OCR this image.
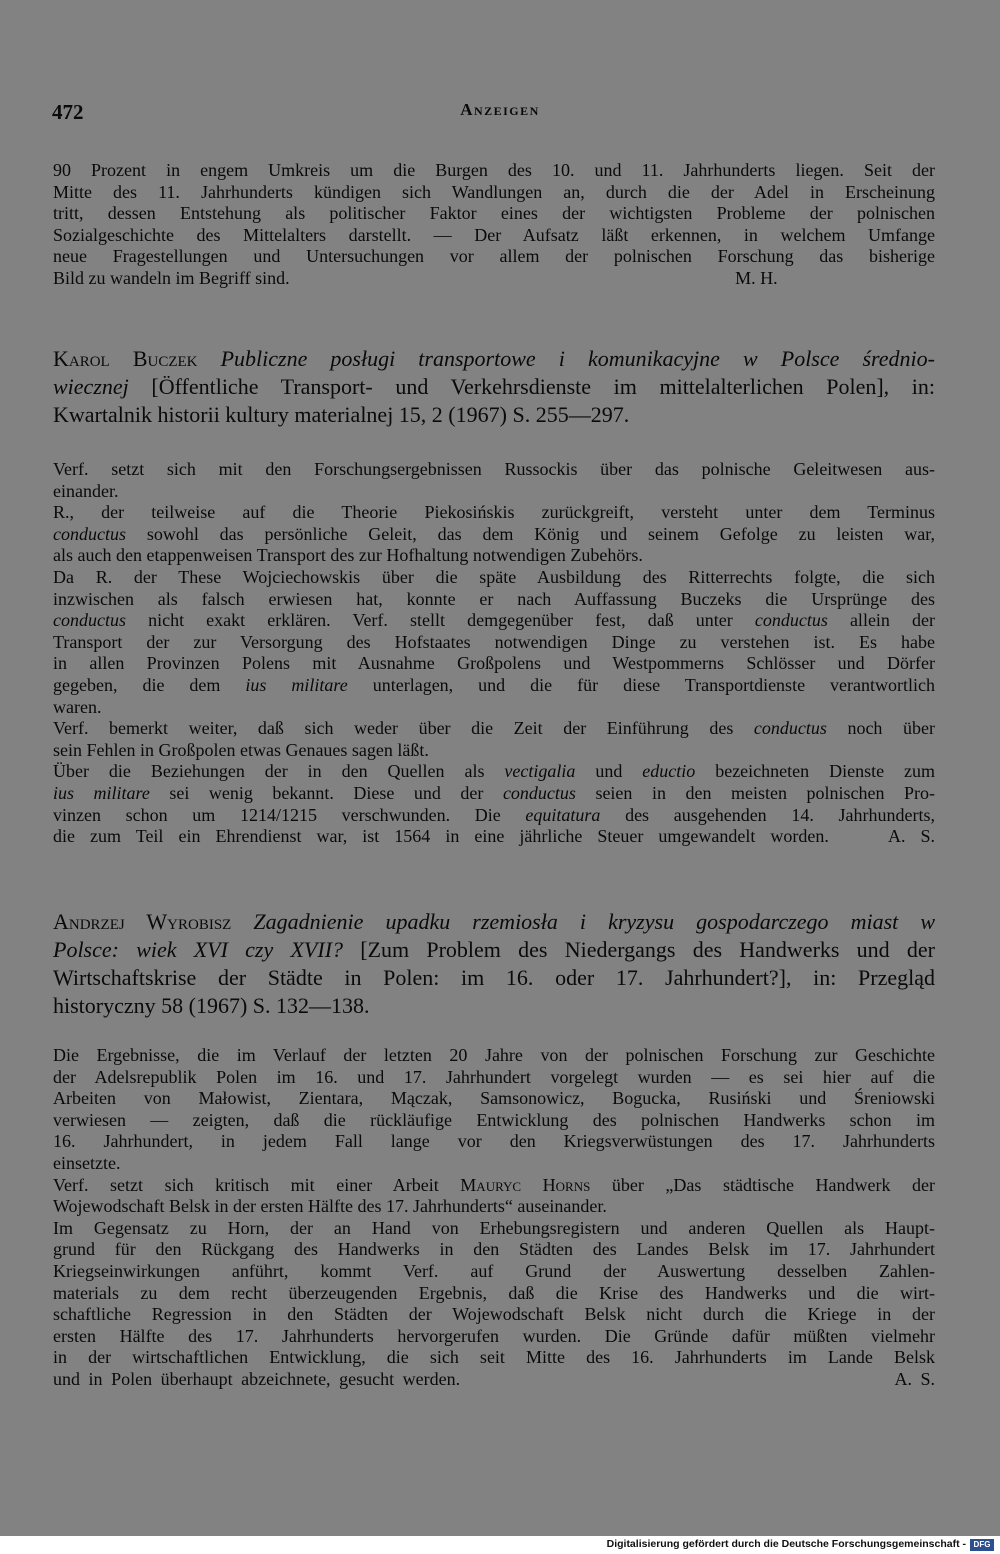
472	Anzeigen
90 Prozent in engem Umkreis um die Burgen des 10. und 11. Jahrhunderts liegen. Seit der
Mitte des 11. Jahrhunderts kündigen sich Wandlungen an, durch die der Adel in Erscheinung
tritt, dessen Entstehung als politischer Faktor eines der wichtigsten Probleme der polnischen
Sozialgeschichte des Mittelalters darstellt. — Der Aufsatz läßt erkennen, in welchem Umfange
neue Fragestellungen und Untersuchungen vor allem der polnischen Forschung das bisherige
Bild zu wandeln im Begriff sind.                                                                                                   M. H.
Karol Buczek Publiczne posługi transportowe i komunikacyjne w Polsce średnio-
wiecznej [Öffentliche Transport- und Verkehrsdienste im mittelalterlichen Polen], in:
Kwartalnik historii kultury materialnej 15, 2 (1967) S. 255—297.
Verf. setzt sich mit den Forschungsergebnissen Russockis über das polnische Geleitwesen aus-
einander.
R., der teilweise auf die Theorie Piekosińskis zurückgreift, versteht unter dem Terminus
conductus sowohl das persönliche Geleit, das dem König und seinem Gefolge zu leisten war,
als auch den etappenweisen Transport des zur Hofhaltung notwendigen Zubehörs.
Da R. der These Wojciechowskis über die späte Ausbildung des Ritterrechts folgte, die sich
inzwischen als falsch erwiesen hat, konnte er nach Auffassung Buczeks die Ursprünge des
conductus nicht exakt erklären. Verf. stellt demgegenüber fest, daß unter conductus allein der
Transport der zur Versorgung des Hofstaates notwendigen Dinge zu verstehen ist. Es habe
in allen Provinzen Polens mit Ausnahme Großpolens und Westpommerns Schlösser und Dörfer
gegeben, die dem ius militare unterlagen, und die für diese Transportdienste verantwortlich
waren.
Verf. bemerkt weiter, daß sich weder über die Zeit der Einführung des conductus noch über
sein Fehlen in Großpolen etwas Genaues sagen läßt.
Über die Beziehungen der in den Quellen als vectigalia und eductio bezeichneten Dienste zum
ius militare sei wenig bekannt. Diese und der conductus seien in den meisten polnischen Pro-
vinzen schon um 1214/1215 verschwunden. Die equitatura des ausgehenden 14. Jahrhunderts,
die zum Teil ein Ehrendienst war, ist 1564 in eine jährliche Steuer umgewandelt worden.    A. S.
Andrzej Wyrobisz Zagadnienie upadku rzemiosła i kryzysu gospodarczego miast w
Polsce: wiek XVI czy XVII? [Zum Problem des Niedergangs des Handwerks und der
Wirtschaftskrise der Städte in Polen: im 16. oder 17. Jahrhundert?], in: Przegląd
historyczny 58 (1967) S. 132—138.
Die Ergebnisse, die im Verlauf der letzten 20 Jahre von der polnischen Forschung zur Geschichte
der Adelsrepublik Polen im 16. und 17. Jahrhundert vorgelegt wurden — es sei hier auf die
Arbeiten von Małowist, Zientara, Mączak, Samsonowicz, Bogucka, Rusiński und Śreniowski
verwiesen — zeigten, daß die rückläufige Entwicklung des polnischen Handwerks schon im
16. Jahrhundert, in jedem Fall lange vor den Kriegsverwüstungen des 17. Jahrhunderts
einsetzte.
Verf. setzt sich kritisch mit einer Arbeit Mauryc Horns über „Das städtische Handwerk der
Wojewodschaft Belsk in der ersten Hälfte des 17. Jahrhunderts“ auseinander.
Im Gegensatz zu Horn, der an Hand von Erhebungsregistern und anderen Quellen als Haupt-
grund für den Rückgang des Handwerks in den Städten des Landes Belsk im 17. Jahrhundert
Kriegseinwirkungen anführt, kommt Verf. auf Grund der Auswertung desselben Zahlen-
materials zu dem recht überzeugenden Ergebnis, daß die Krise des Handwerks und die wirt-
schaftliche Regression in den Städten der Wojewodschaft Belsk nicht durch die Kriege in der
ersten Hälfte des 17. Jahrhunderts hervorgerufen wurden. Die Gründe dafür müßten vielmehr
in der wirtschaftlichen Entwicklung, die sich seit Mitte des 16. Jahrhunderts im Lande Belsk
und in Polen überhaupt abzeichnete, gesucht werden.                                                   A. S.
Digitalisierung gefördert durch die Deutsche Forschungsgemeinschaft - DFG
